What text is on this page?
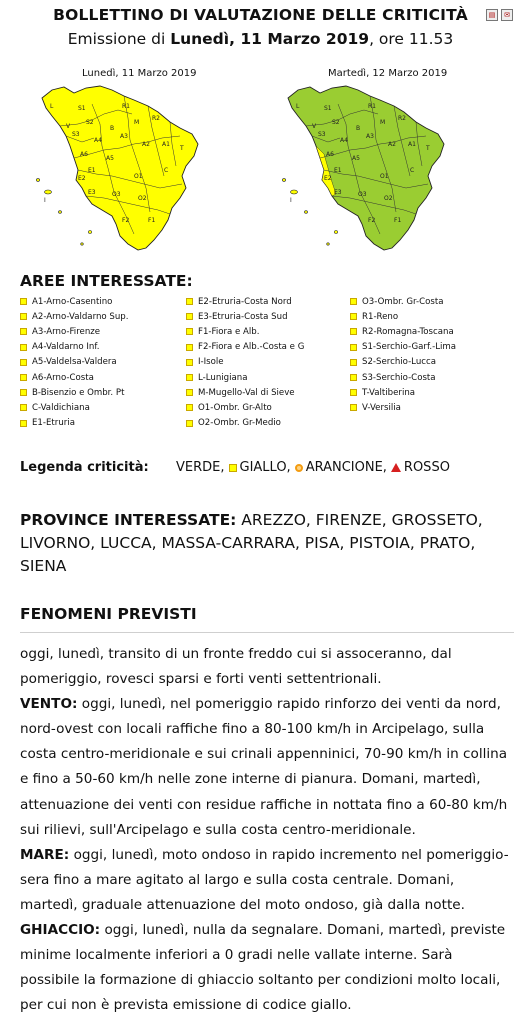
BOLLETTINO DI VALUTAZIONE DELLE CRITICITÀ
Emissione di Lunedì, 11 Marzo 2019, ore 11.53
▤	✉
Lunedì, 11 Marzo 2019	Martedì, 12 Marzo 2019
S1
S2
R1
V
L
M
S3
R2
A1
A2
A3
A4
A5
A6
B
E1
E2
E3
O1
O2
O3
F1
F2
C
T
I
S1
S2
R1
V
L
M
S3
R2
A1
A2
A3
A4
A5
A6
B
E1
E2
E3
O1
O2
O3
F1
F2
C
T
I
AREE INTERESSATE:
A1-Arno-Casentino
A2-Arno-Valdarno Sup.
A3-Arno-Firenze
A4-Valdarno Inf.
A5-Valdelsa-Valdera
A6-Arno-Costa
B-Bisenzio e Ombr. Pt
C-Valdichiana
E1-Etruria
E2-Etruria-Costa Nord
E3-Etruria-Costa Sud
F1-Fiora e Alb.
F2-Fiora e Alb.-Costa e G
I-Isole
L-Lunigiana
M-Mugello-Val di Sieve
O1-Ombr. Gr-Alto
O2-Ombr. Gr-Medio
O3-Ombr. Gr-Costa
R1-Reno
R2-Romagna-Toscana
S1-Serchio-Garf.-Lima
S2-Serchio-Lucca
S3-Serchio-Costa
T-Valtiberina
V-Versilia
Legenda criticità:	VERDE, GIALLO, ARANCIONE, ROSSO
PROVINCE INTERESSATE: AREZZO, FIRENZE, GROSSETO, LIVORNO, LUCCA, MASSA-CARRARA, PISA, PISTOIA, PRATO, SIENA
FENOMENI PREVISTI

oggi, lunedì, transito di un fronte freddo cui si assoceranno, dal pomeriggio, rovesci sparsi e forti venti settentrionali.

VENTO: oggi, lunedì, nel pomeriggio rapido rinforzo dei venti da nord, nord-ovest con locali raffiche fino a 80-100 km/h in Arcipelago, sulla costa centro-meridionale e sui crinali appenninici, 70-90 km/h in collina e fino a 50-60 km/h nelle zone interne di pianura. Domani, martedì, attenuazione dei venti con residue raffiche in nottata fino a 60-80 km/h sui rilievi, sull'Arcipelago e sulla costa centro-meridionale.

MARE: oggi, lunedì, moto ondoso in rapido incremento nel pomeriggio-sera fino a mare agitato al largo e sulla costa centrale. Domani, martedì, graduale attenuazione del moto ondoso, già dalla notte.

GHIACCIO: oggi, lunedì, nulla da segnalare. Domani, martedì, previste minime localmente inferiori a 0 gradi nelle vallate interne. Sarà possibile la formazione di ghiaccio soltanto per condizioni molto locali, per cui non è prevista emissione di codice giallo.
